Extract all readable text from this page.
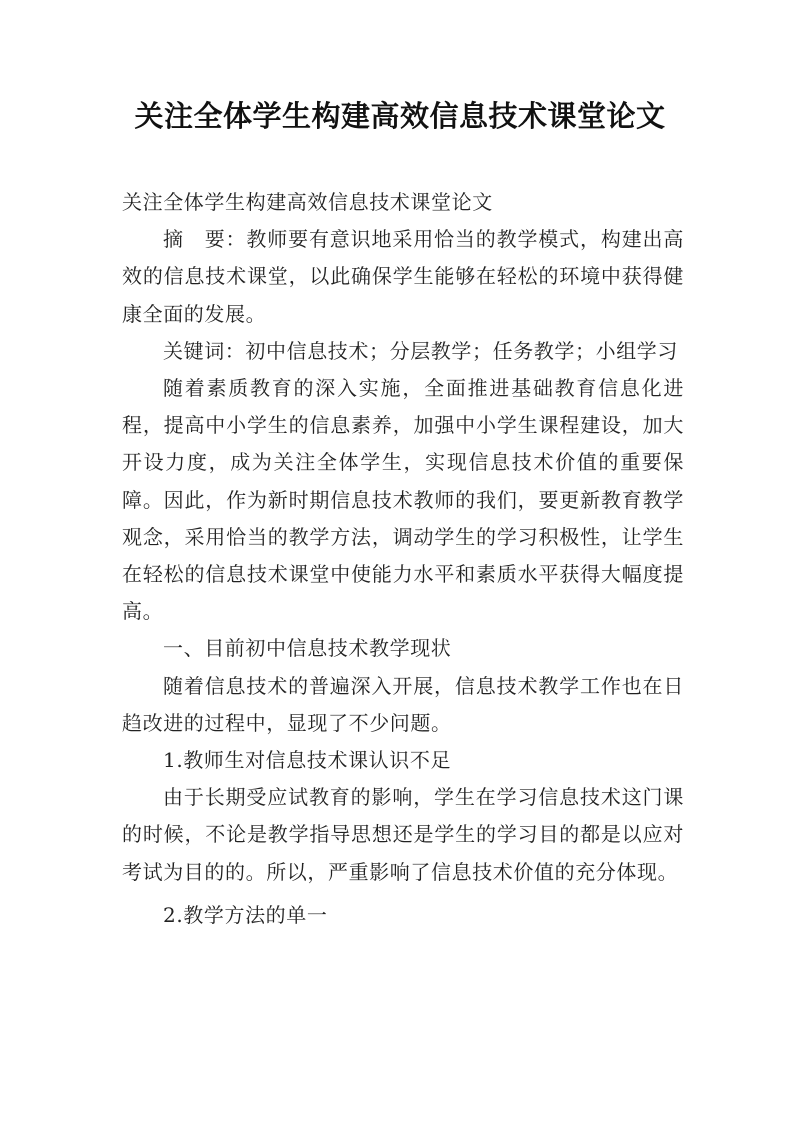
关注全体学生构建高效信息技术课堂论文

关注全体学生构建高效信息技术课堂论文

摘　要：教师要有意识地采用恰当的教学模式，构建出高效的信息技术课堂，以此确保学生能够在轻松的环境中获得健康全面的发展。

关键词：初中信息技术；分层教学；任务教学；小组学习

随着素质教育的深入实施，全面推进基础教育信息化进程，提高中小学生的信息素养，加强中小学生课程建设，加大开设力度，成为关注全体学生，实现信息技术价值的重要保障。因此，作为新时期信息技术教师的我们，要更新教育教学观念，采用恰当的教学方法，调动学生的学习积极性，让学生在轻松的信息技术课堂中使能力水平和素质水平获得大幅度提高。

一、目前初中信息技术教学现状

随着信息技术的普遍深入开展，信息技术教学工作也在日趋改进的过程中，显现了不少问题。

1.教师生对信息技术课认识不足

由于长期受应试教育的影响，学生在学习信息技术这门课的时候，不论是教学指导思想还是学生的学习目的都是以应对考试为目的的。所以，严重影响了信息技术价值的充分体现。

2.教学方法的单一
